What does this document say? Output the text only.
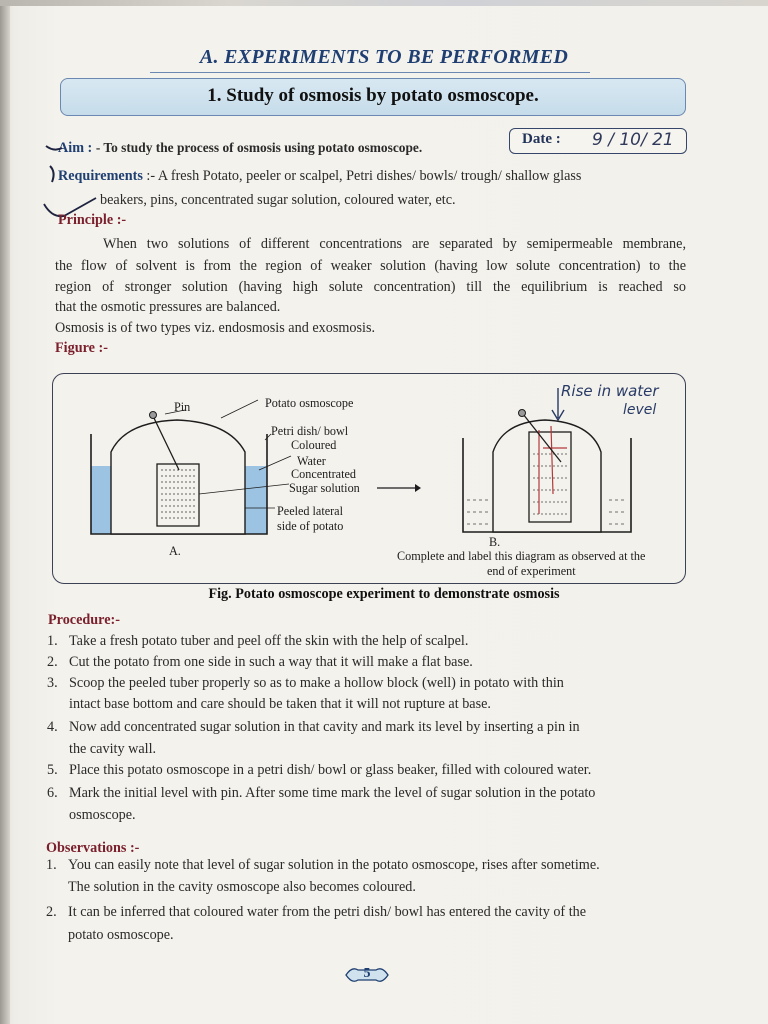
A. EXPERIMENTS TO BE PERFORMED
1. Study of osmosis by potato osmoscope.
Aim : - To study the process of osmosis using potato osmoscope.
Date : 9 / 10/ 21
Requirements :- A fresh Potato, peeler or scalpel, Petri dishes/ bowls/ trough/ shallow glass
beakers, pins, concentrated sugar solution, coloured water, etc.
Principle :-
When two solutions of different concentrations are separated by semipermeable membrane,
the flow of solvent is from the region of weaker solution (having low solute concentration) to the
region of stronger solution (having high solute concentration) till the equilibrium is reached so
that the osmotic pressures are balanced.
Osmosis is of two types viz. endosmosis and exosmosis.
Figure :-
Pin	Potato osmoscope
Petri dish/ bowl
Coloured
Water
Concentrated
Sugar solution
Peeled lateral
side of potato
A.
B.
Complete and label this diagram as observed at the
end of experiment
Rise in water
level
Fig. Potato osmoscope experiment to demonstrate osmosis
Procedure:-
1. Take a fresh potato tuber and peel off the skin with the help of scalpel.
2. Cut the potato from one side in such a way that it will make a flat base.
3. Scoop the peeled tuber properly so as to make a hollow block (well) in potato with thin
intact base bottom and care should be taken that it will not rupture at base.
4. Now add concentrated sugar solution in that cavity and mark its level by inserting a pin in
the cavity wall.
5. Place this potato osmoscope in a petri dish/ bowl or glass beaker, filled with coloured water.
6. Mark the initial level with pin. After some time mark the level of sugar solution in the potato
osmoscope.
Observations :-
1. You can easily note that level of sugar solution in the potato osmoscope, rises after sometime.
The solution in the cavity osmoscope also becomes coloured.
2. It can be inferred that coloured water from the petri dish/ bowl has entered the cavity of the
potato osmoscope.
5
